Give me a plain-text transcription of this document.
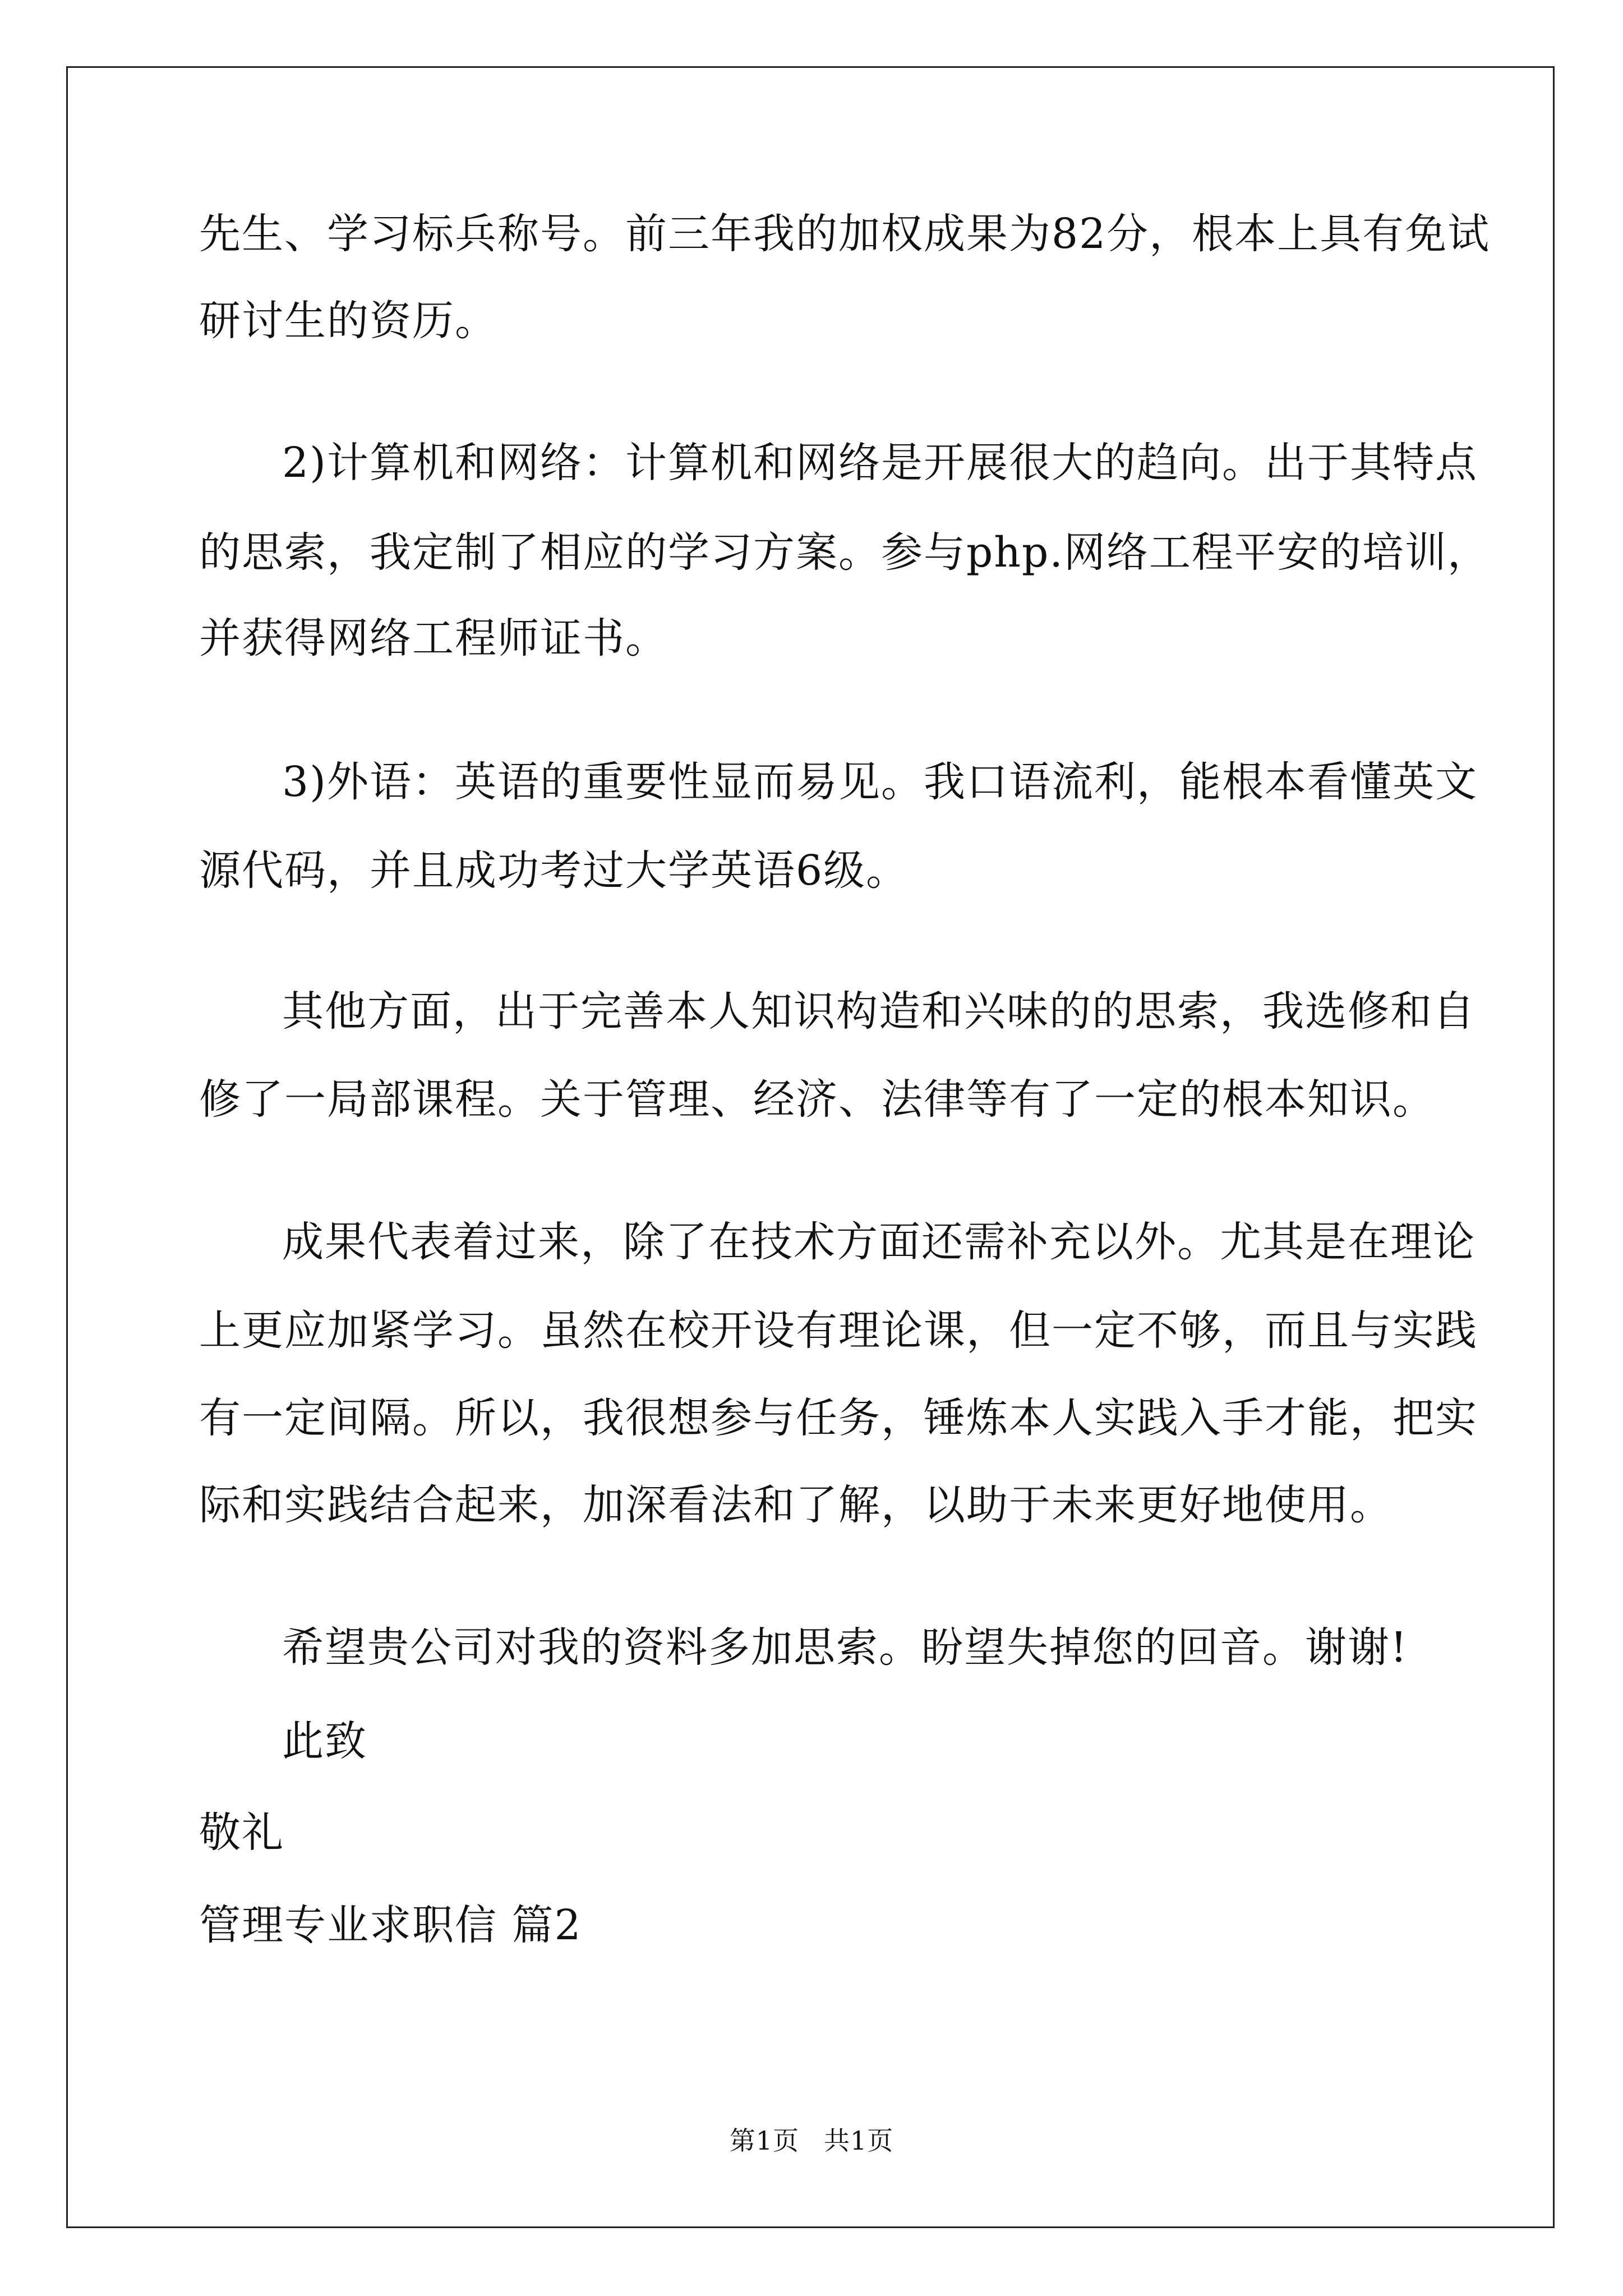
先生、学习标兵称号。前三年我的加权成果为82分，根本上具有免试
研讨生的资历。
2)计算机和网络：计算机和网络是开展很大的趋向。出于其特点
的思索，我定制了相应的学习方案。参与php.网络工程平安的培训，
并获得网络工程师证书。
3)外语：英语的重要性显而易见。我口语流利，能根本看懂英文
源代码，并且成功考过大学英语6级。
其他方面，出于完善本人知识构造和兴味的的思索，我选修和自
修了一局部课程。关于管理、经济、法律等有了一定的根本知识。
成果代表着过来，除了在技术方面还需补充以外。尤其是在理论
上更应加紧学习。虽然在校开设有理论课，但一定不够，而且与实践
有一定间隔。所以，我很想参与任务，锤炼本人实践入手才能，把实
际和实践结合起来，加深看法和了解，以助于未来更好地使用。
希望贵公司对我的资料多加思索。盼望失掉您的回音。谢谢!
此致
敬礼
管理专业求职信 篇2
第1页 共1页
